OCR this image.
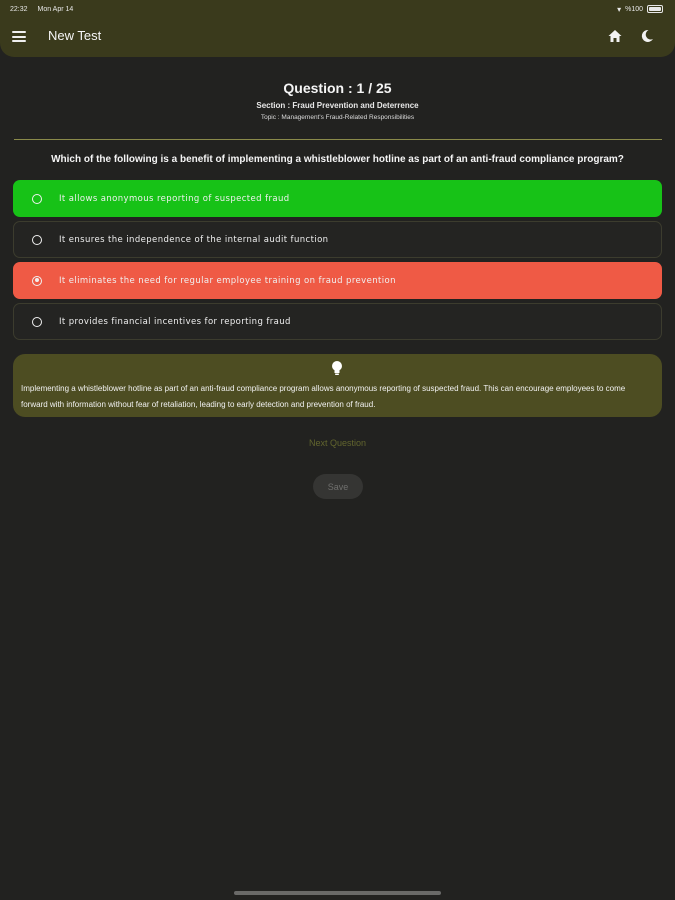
22:32 Mon Apr 14	▾ %100
New Test
Question : 1 / 25
Section : Fraud Prevention and Deterrence
Topic : Management's Fraud-Related Responsibilities
Which of the following is a benefit of implementing a whistleblower hotline as part of an anti-fraud compliance program?
It allows anonymous reporting of suspected fraud
It ensures the independence of the internal audit function
It eliminates the need for regular employee training on fraud prevention
It provides financial incentives for reporting fraud
Implementing a whistleblower hotline as part of an anti-fraud compliance program allows anonymous reporting of suspected fraud. This can encourage employees to come forward with information without fear of retaliation, leading to early detection and prevention of fraud.
Next Question
Save
